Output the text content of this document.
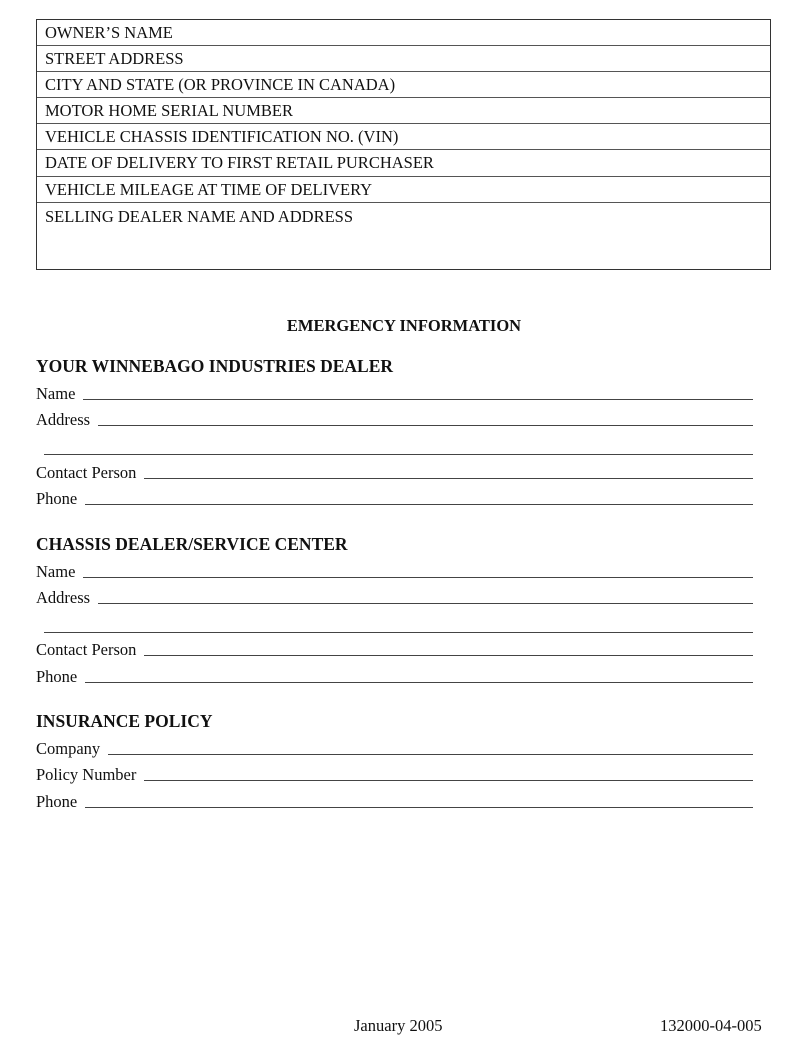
OWNER’S NAME
STREET ADDRESS
CITY AND STATE (OR PROVINCE IN CANADA)
MOTOR HOME SERIAL NUMBER
VEHICLE CHASSIS IDENTIFICATION NO. (VIN)
DATE OF DELIVERY TO FIRST RETAIL PURCHASER
VEHICLE MILEAGE AT TIME OF DELIVERY
SELLING DEALER NAME AND ADDRESS
EMERGENCY INFORMATION
YOUR WINNEBAGO INDUSTRIES DEALER
Name
Address
Contact Person
Phone
CHASSIS DEALER/SERVICE CENTER
Name
Address
Contact Person
Phone
INSURANCE POLICY
Company
Policy Number
Phone
January 2005	132000-04-005
